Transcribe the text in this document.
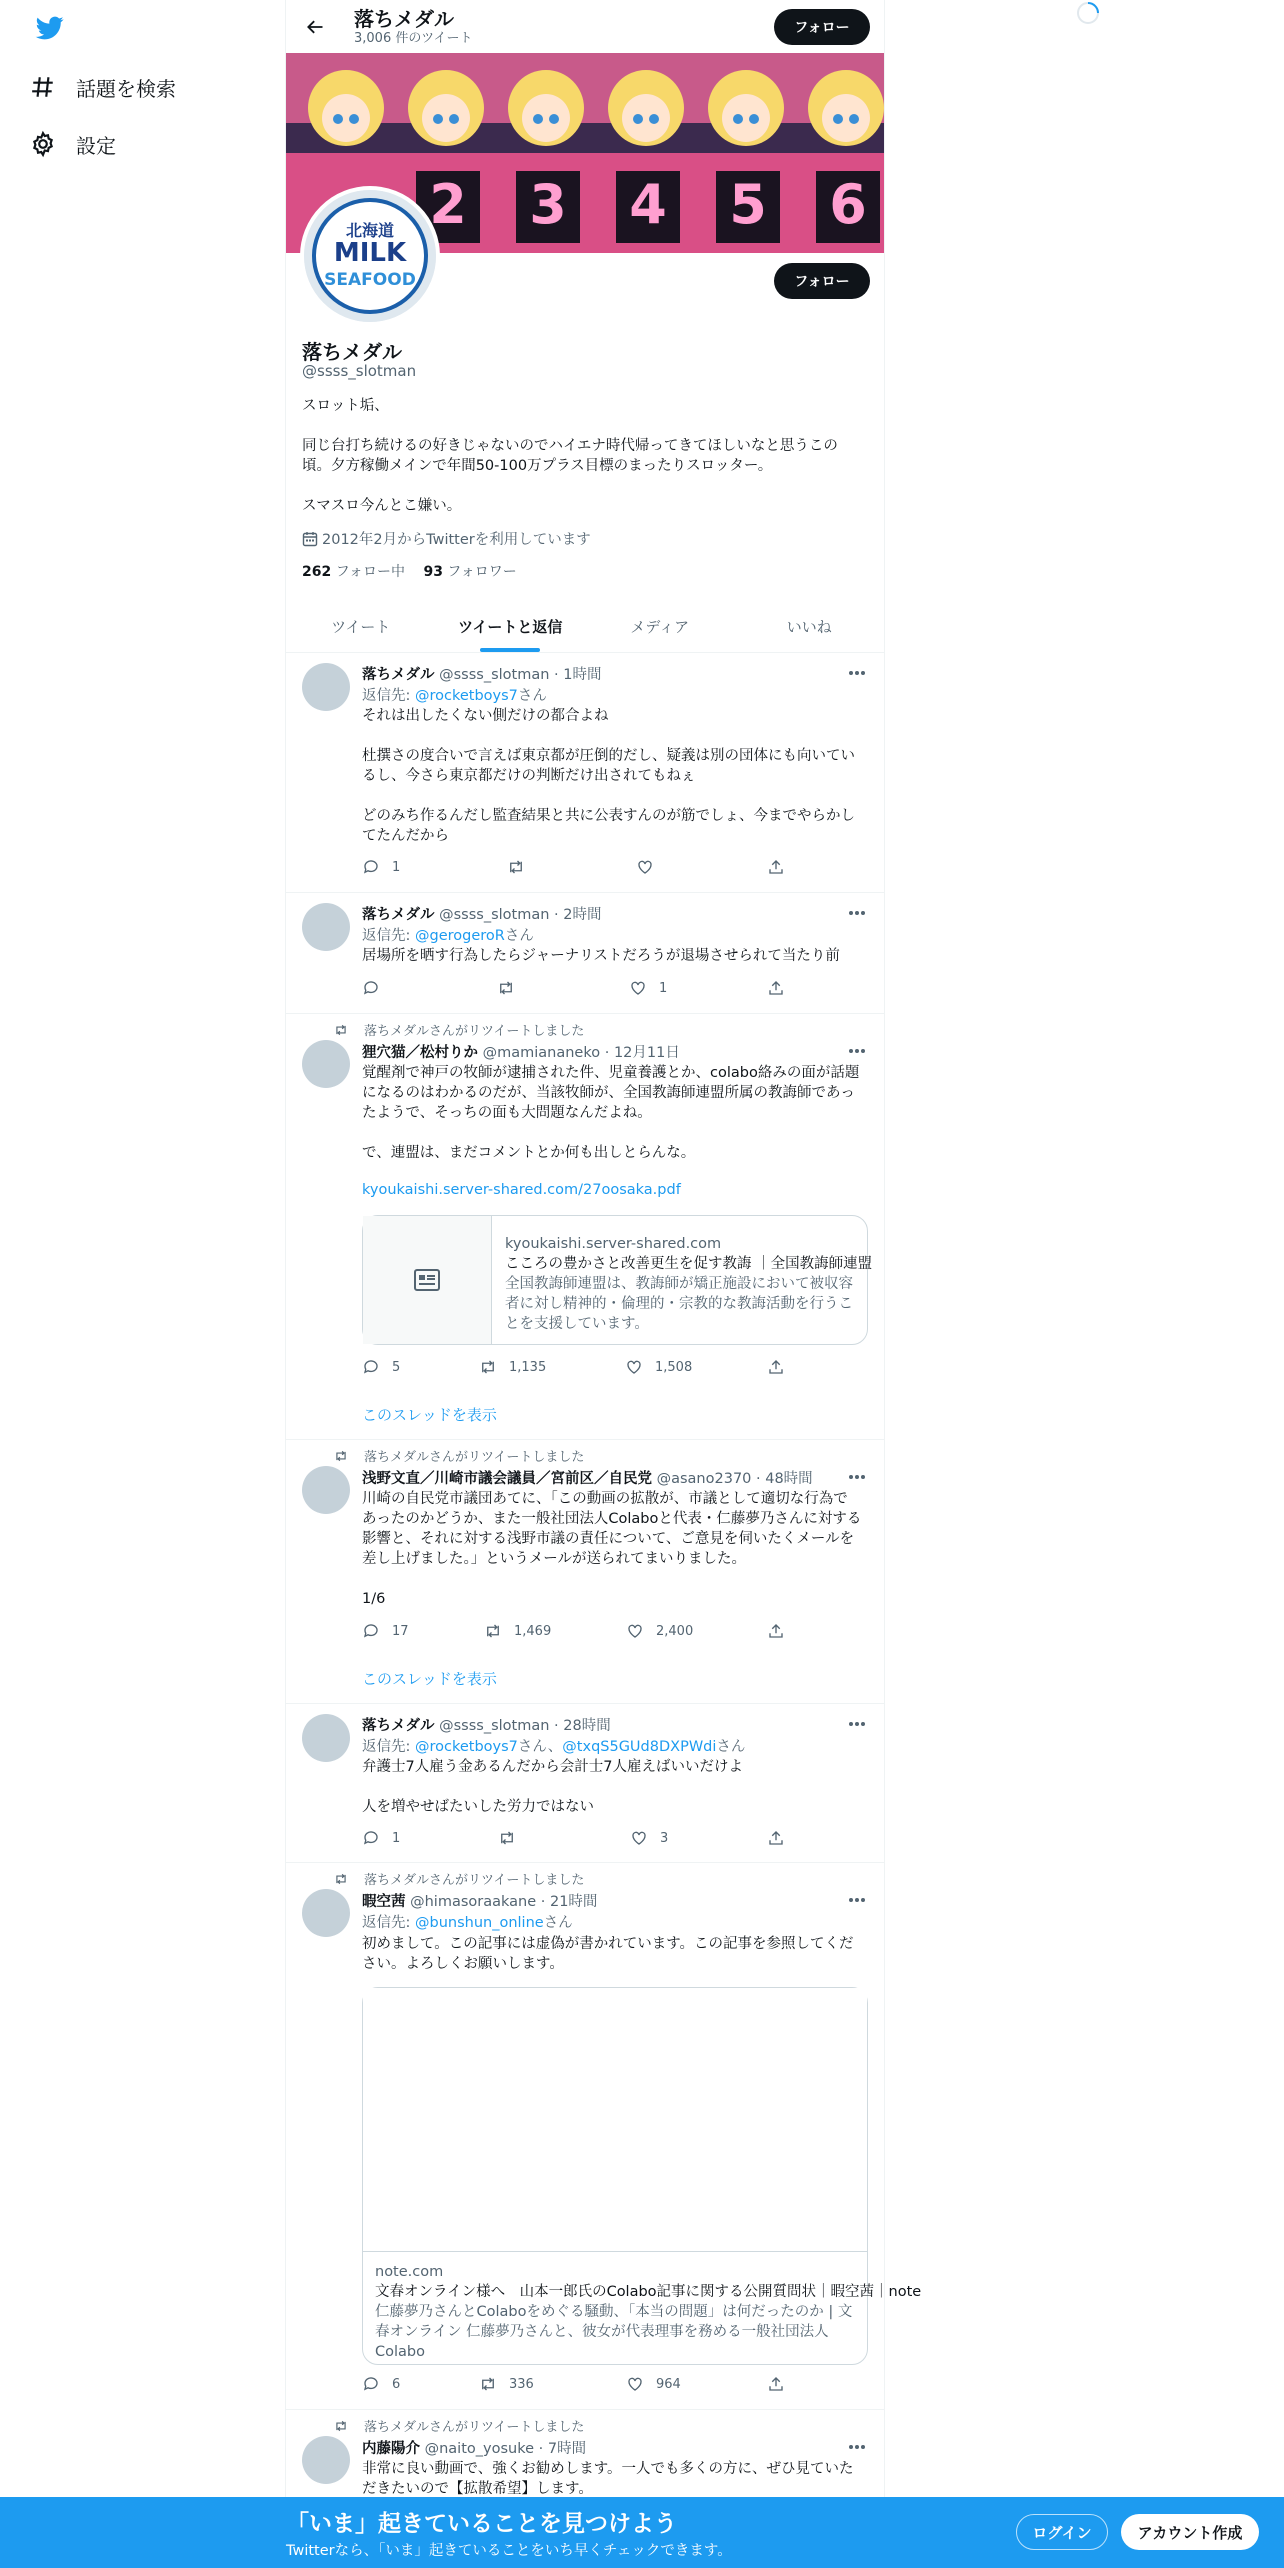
話題を検索
設定
落ちメダル
3,006 件のツイート
フォロー
2 3 4 5 6
北海道
MILK
SEAFOOD	フォロー
落ちメダル
@ssss_slotman
スロット垢、

同じ台打ち続けるの好きじゃないのでハイエナ時代帰ってきてほしいなと思うこの頃。夕方稼働メインで年間50-100万プラス目標のまったりスロッター。

スマスロ今んとこ嫌い。
2012年2月からTwitterを利用しています
262 フォロー中 93 フォロワー
ツイート	ツイートと返信	メディア	いいね
落ちメダル @ssss_slotman · 1時間
返信先: @rocketboys7さん
それは出したくない側だけの都合よね

杜撰さの度合いで言えば東京都が圧倒的だし、疑義は別の団体にも向いているし、今さら東京都だけの判断だけ出されてもねぇ

どのみち作るんだし監査結果と共に公表すんのが筋でしょ、今までやらかしてたんだから
1
落ちメダル @ssss_slotman · 2時間
返信先: @gerogeroRさん
居場所を晒す行為したらジャーナリストだろうが退場させられて当たり前
1
落ちメダルさんがリツイートしました
狸穴猫／松村りか @mamiananeko · 12月11日
覚醒剤で神戸の牧師が逮捕された件、児童養護とか、colabo絡みの面が話題になるのはわかるのだが、当該牧師が、全国教誨師連盟所属の教誨師であったようで、そっちの面も大問題なんだよね。

で、連盟は、まだコメントとか何も出しとらんな。
kyoukaishi.server-shared.com/27oosaka.pdf
kyoukaishi.server-shared.com
こころの豊かさと改善更生を促す教誨 ｜全国教誨師連盟
全国教誨師連盟は、教誨師が矯正施設において被収容者に対し精神的・倫理的・宗教的な教誨活動を行うことを支援しています。
5	1,135	1,508
このスレッドを表示
落ちメダルさんがリツイートしました
浅野文直／川崎市議会議員／宮前区／自民党 @asano2370 · 48時間
川崎の自民党市議団あてに、「この動画の拡散が、市議として適切な行為であったのかどうか、また一般社団法人Colaboと代表・仁藤夢乃さんに対する影響と、それに対する浅野市議の責任について、ご意見を伺いたくメールを差し上げました。」というメールが送られてまいりました。

1/6
17	1,469	2,400
このスレッドを表示
落ちメダル @ssss_slotman · 28時間
返信先: @rocketboys7さん、@txqS5GUd8DXPWdiさん
弁護士7人雇う金あるんだから会計士7人雇えばいいだけよ

人を増やせばたいした労力ではない
1	3
落ちメダルさんがリツイートしました
暇空茜 @himasoraakane · 21時間
返信先: @bunshun_onlineさん
初めまして。この記事には虚偽が書かれています。この記事を参照してください。よろしくお願いします。
note.com
文春オンライン様へ　山本一郎氏のColabo記事に関する公開質問状｜暇空茜｜note
仁藤夢乃さんとColaboをめぐる騒動、「本当の問題」は何だったのか | 文春オンライン 仁藤夢乃さんと、彼女が代表理事を務める一般社団法人Colabo
6	336	964
落ちメダルさんがリツイートしました
内藤陽介 @naito_yosuke · 7時間
非常に良い動画で、強くお勧めします。一人でも多くの方に、ぜひ見ていただきたいので【拡散希望】します。
「いま」起きていることを見つけよう
Twitterなら、「いま」起きていることをいち早くチェックできます。
ログイン	アカウント作成
